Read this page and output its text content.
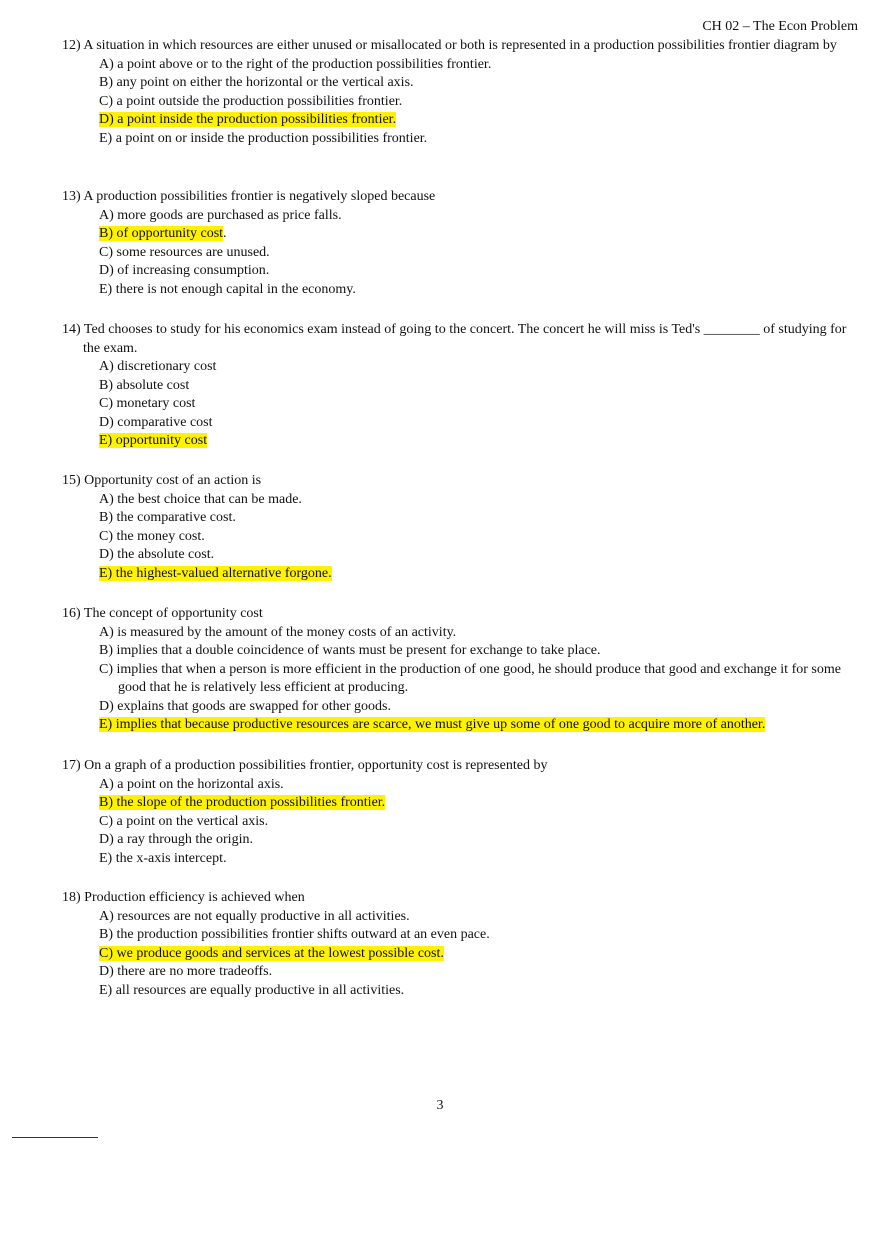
CH 02 – The Econ Problem
12) A situation in which resources are either unused or misallocated or both is represented in a production possibilities frontier diagram by
A) a point above or to the right of the production possibilities frontier.
B) any point on either the horizontal or the vertical axis.
C) a point outside the production possibilities frontier.
D) a point inside the production possibilities frontier.
E) a point on or inside the production possibilities frontier.
13) A production possibilities frontier is negatively sloped because
A) more goods are purchased as price falls.
B) of opportunity cost.
C) some resources are unused.
D) of increasing consumption.
E) there is not enough capital in the economy.
14) Ted chooses to study for his economics exam instead of going to the concert. The concert he will miss is Ted's ________ of studying for the exam.
A) discretionary cost
B) absolute cost
C) monetary cost
D) comparative cost
E) opportunity cost
15) Opportunity cost of an action is
A) the best choice that can be made.
B) the comparative cost.
C) the money cost.
D) the absolute cost.
E) the highest-valued alternative forgone.
16) The concept of opportunity cost
A) is measured by the amount of the money costs of an activity.
B) implies that a double coincidence of wants must be present for exchange to take place.
C) implies that when a person is more efficient in the production of one good, he should produce that good and exchange it for some good that he is relatively less efficient at producing.
D) explains that goods are swapped for other goods.
E) implies that because productive resources are scarce, we must give up some of one good to acquire more of another.
17) On a graph of a production possibilities frontier, opportunity cost is represented by
A) a point on the horizontal axis.
B) the slope of the production possibilities frontier.
C) a point on the vertical axis.
D) a ray through the origin.
E) the x-axis intercept.
18) Production efficiency is achieved when
A) resources are not equally productive in all activities.
B) the production possibilities frontier shifts outward at an even pace.
C) we produce goods and services at the lowest possible cost.
D) there are no more tradeoffs.
E) all resources are equally productive in all activities.
3
